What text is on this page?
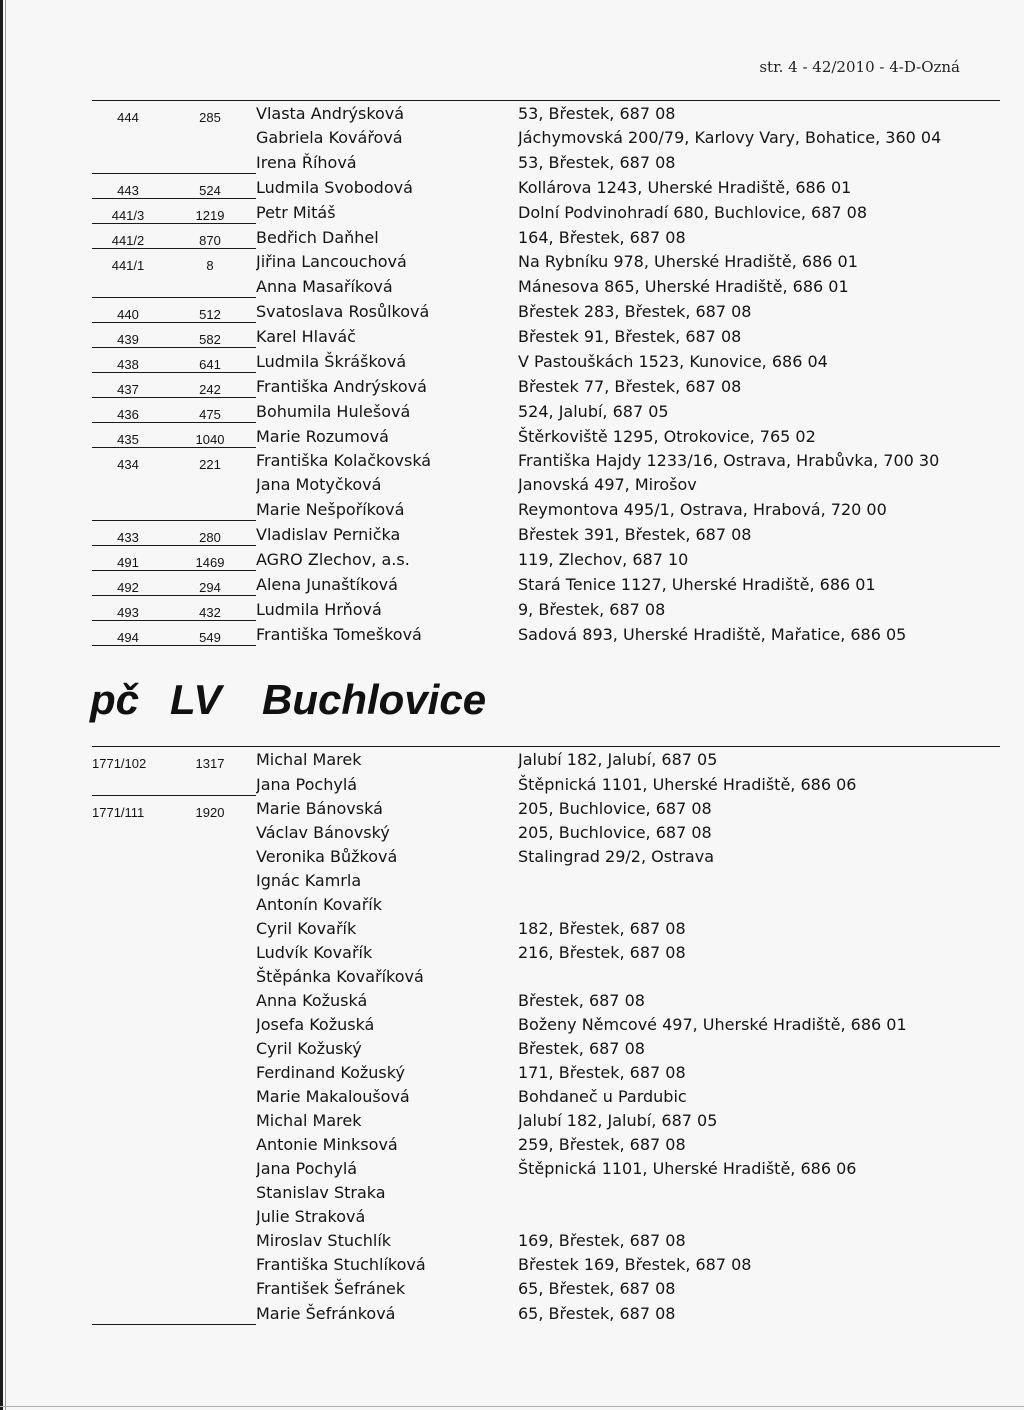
str. 4 - 42/2010 - 4-D-Ozná
444	285	Vlasta Andrýsková	53, Břestek, 687 08	
		Gabriela Kovářová	Jáchymovská 200/79, Karlovy Vary, Bohatice, 360 04	
		Irena Říhová	53, Břestek, 687 08	
443	524	Ludmila Svobodová	Kollárova 1243, Uherské Hradiště, 686 01	
441/3	1219	Petr Mitáš	Dolní Podvinohradí 680, Buchlovice, 687 08	
441/2	870	Bedřich Daňhel	164, Břestek, 687 08	
441/1	8	Jiřina Lancouchová	Na Rybníku 978, Uherské Hradiště, 686 01	
		Anna Masaříková	Mánesova 865, Uherské Hradiště, 686 01	
440	512	Svatoslava Rosůlková	Břestek 283, Břestek, 687 08	
439	582	Karel Hlaváč	Břestek 91, Břestek, 687 08	
438	641	Ludmila Škrášková	V Pastouškách 1523, Kunovice, 686 04	
437	242	Františka Andrýsková	Břestek 77, Břestek, 687 08	
436	475	Bohumila Hulešová	524, Jalubí, 687 05	
435	1040	Marie Rozumová	Štěrkoviště 1295, Otrokovice, 765 02	
434	221	Františka Kolačkovská	Františka Hajdy 1233/16, Ostrava, Hrabůvka, 700 30	
		Jana Motyčková	Janovská 497, Mirošov	
		Marie Nešpoříková	Reymontova 495/1, Ostrava, Hrabová, 720 00	
433	280	Vladislav Pernička	Břestek 391, Břestek, 687 08	
491	1469	AGRO Zlechov, a.s.	119, Zlechov, 687 10	
492	294	Alena Junaštíková	Stará Tenice 1127, Uherské Hradiště, 686 01	
493	432	Ludmila Hrňová	9, Břestek, 687 08	
494	549	Františka Tomešková	Sadová 893, Uherské Hradiště, Mařatice, 686 05	
pč LV Buchlovice
1771/102	1317	Michal Marek	Jalubí 182, Jalubí, 687 05	
		Jana Pochylá	Štěpnická 1101, Uherské Hradiště, 686 06	
1771/111	1920	Marie Bánovská	205, Buchlovice, 687 08	
		Václav Bánovský	205, Buchlovice, 687 08	
		Veronika Bůžková	Stalingrad 29/2, Ostrava	
		Ignác Kamrla		
		Antonín Kovařík		
		Cyril Kovařík	182, Břestek, 687 08	
		Ludvík Kovařík	216, Břestek, 687 08	
		Štěpánka Kovaříková		
		Anna Kožuská	Břestek, 687 08	
		Josefa Kožuská	Boženy Němcové 497, Uherské Hradiště, 686 01	
		Cyril Kožuský	Břestek, 687 08	
		Ferdinand Kožuský	171, Břestek, 687 08	
		Marie Makaloušová	Bohdaneč u Pardubic	
		Michal Marek	Jalubí 182, Jalubí, 687 05	
		Antonie Minksová	259, Břestek, 687 08	
		Jana Pochylá	Štěpnická 1101, Uherské Hradiště, 686 06	
		Stanislav Straka		
		Julie Straková		
		Miroslav Stuchlík	169, Břestek, 687 08	
		Františka Stuchlíková	Břestek 169, Břestek, 687 08	
		František Šefránek	65, Břestek, 687 08	
		Marie Šefránková	65, Břestek, 687 08	
